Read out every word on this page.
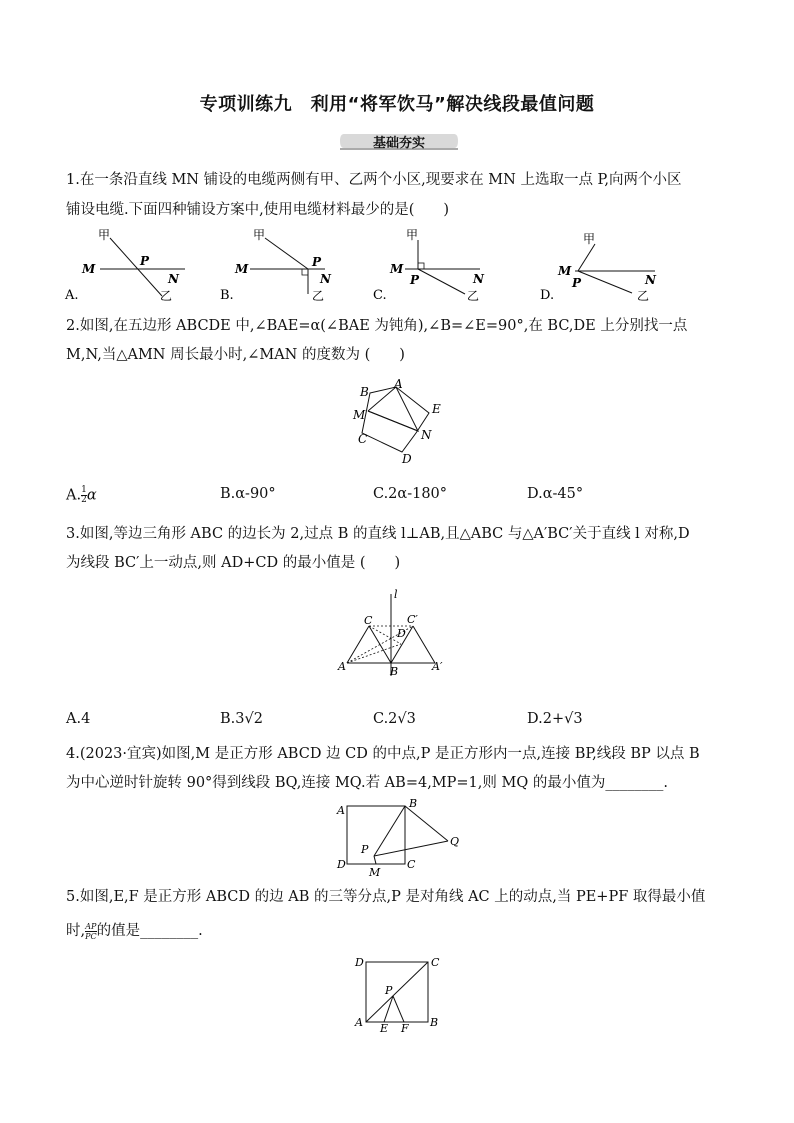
专项训练九　利用“将军饮马”解决线段最值问题
基础夯实
1.在一条沿直线 MN 铺设的电缆两侧有甲、乙两个小区,现要求在 MN 上选取一点 P,向两个小区
铺设电缆.下面四种铺设方案中,使用电缆材料最少的是(　　)
甲
M
P
N
乙
A.
甲
M	P
N
乙
B.
甲
M
P	N
乙
C.
甲
M
P	N
乙
D.
2.如图,在五边形 ABCDE 中,∠BAE=α(∠BAE 为钝角),∠B=∠E=90°,在 BC,DE 上分别找一点
M,N,当△AMN 周长最小时,∠MAN 的度数为 (　　)
B
A
M	E
C	N
D
A. $\frac{1}{2}$ α	B.α-90°	C.2α-180°	D.α-45°
3.如图,等边三角形 ABC 的边长为 2,过点 B 的直线 l⊥AB,且△ABC 与△A′BC′关于直线 l 对称,D
为线段 BC′上一动点,则 AD+CD 的最小值是 (　　)
l
C	C′
D
A	B	A′
A.4	B.3√2	C.2√3	D.2+√3
4.(2023·宜宾)如图,M 是正方形 ABCD 边 CD 的中点,P 是正方形内一点,连接 BP,线段 BP 以点 B
为中心逆时针旋转 90°得到线段 BQ,连接 MQ.若 AB=4,MP=1,则 MQ 的最小值为________.
A
B
P
Q
D
M
C
5.如图,E,F 是正方形 ABCD 的边 AB 的三等分点,P 是对角线 AC 上的动点,当 PE+PF 取得最小值
时, $\frac{AP}{PC}$ 的值是________.
D	C
P
A E F B
